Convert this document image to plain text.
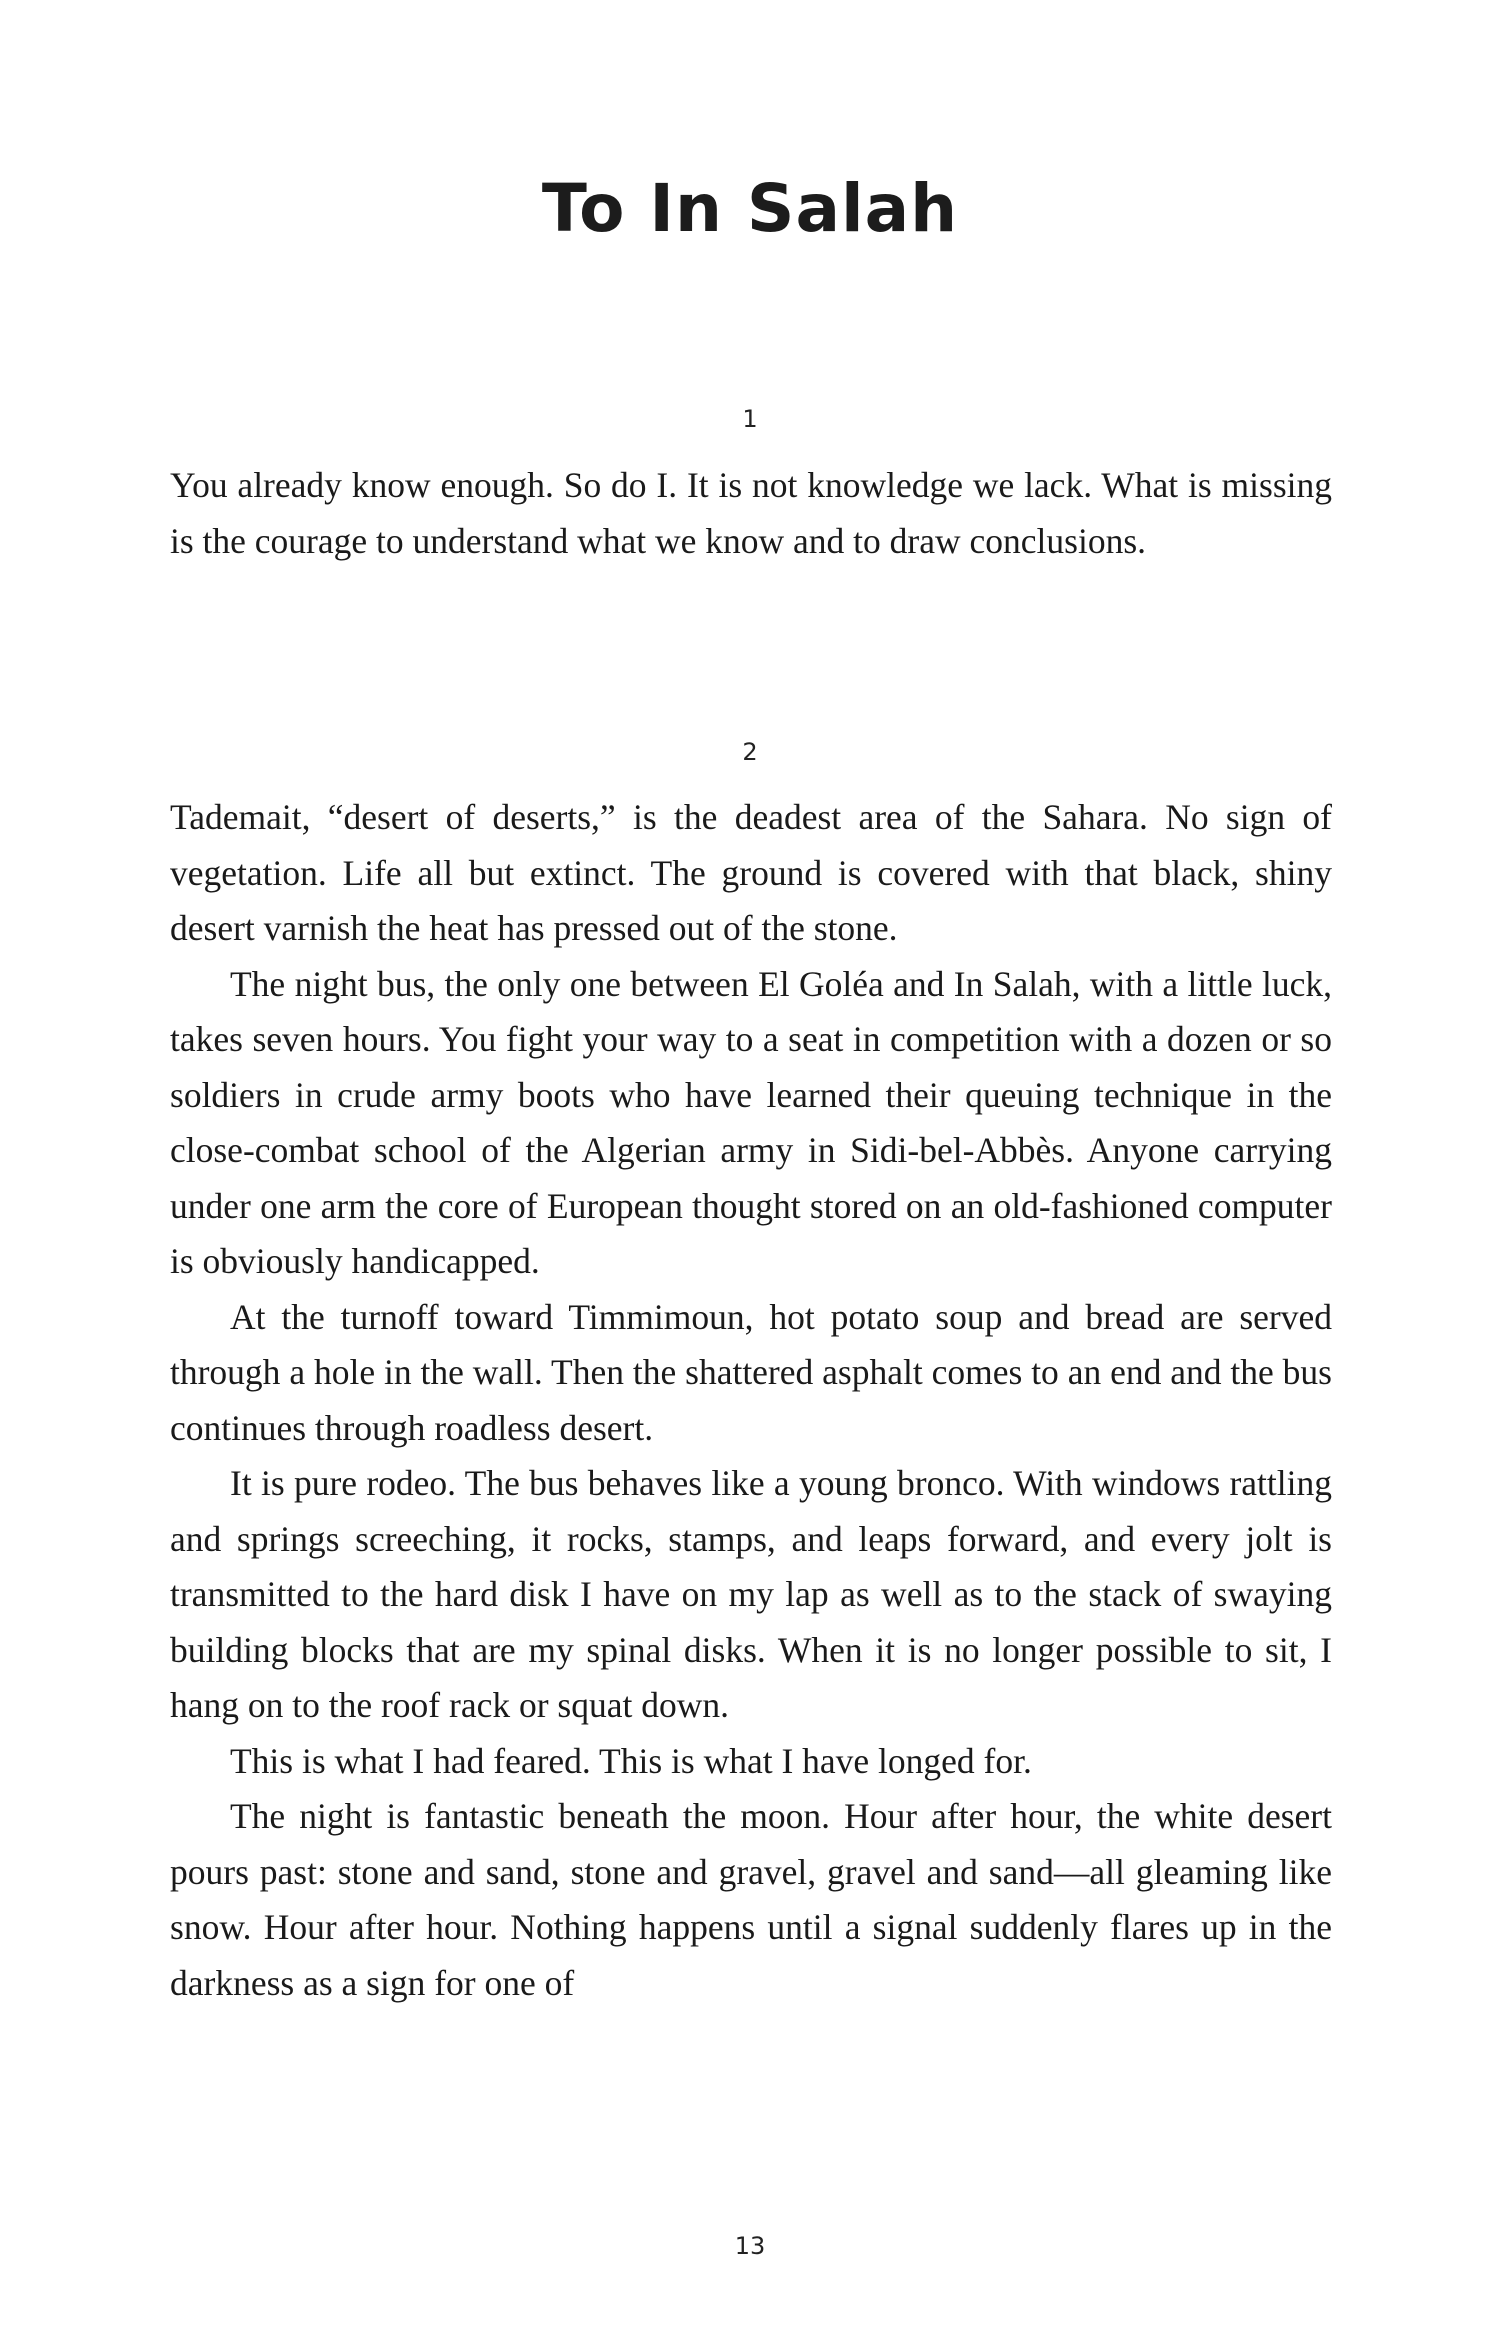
To In Salah
1

You already know enough. So do I. It is not knowledge we lack. What is missing is the courage to understand what we know and to draw conclusions.

2

Tademait, “desert of deserts,” is the deadest area of the Sahara. No sign of vegetation. Life all but extinct. The ground is covered with that black, shiny desert varnish the heat has pressed out of the stone.

The night bus, the only one between El Goléa and In Salah, with a little luck, takes seven hours. You fight your way to a seat in competition with a dozen or so soldiers in crude army boots who have learned their queuing technique in the close-combat school of the Algerian army in Sidi-bel-Abbès. Anyone carrying under one arm the core of European thought stored on an old-fashioned computer is obviously handicapped.

At the turnoff toward Timmimoun, hot potato soup and bread are served through a hole in the wall. Then the shattered asphalt comes to an end and the bus continues through roadless desert.

It is pure rodeo. The bus behaves like a young bronco. With windows rattling and springs screeching, it rocks, stamps, and leaps forward, and every jolt is transmitted to the hard disk I have on my lap as well as to the stack of swaying building blocks that are my spinal disks. When it is no longer possible to sit, I hang on to the roof rack or squat down.

This is what I had feared. This is what I have longed for.

The night is fantastic beneath the moon. Hour after hour, the white desert pours past: stone and sand, stone and gravel, gravel and sand—all gleaming like snow. Hour after hour. Nothing happens until a signal suddenly flares up in the darkness as a sign for one of

13
